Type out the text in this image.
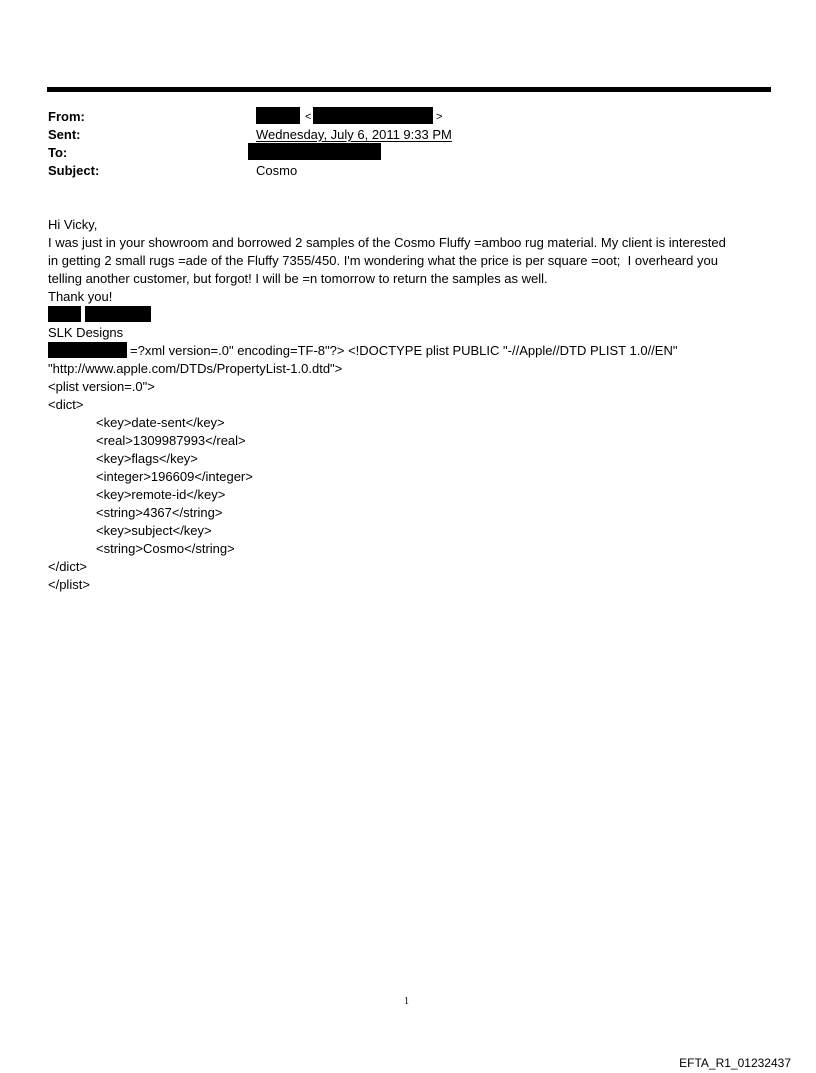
From:
Sent:
To:
Subject:
<	>
Wednesday, July 6, 2011 9:33 PM
Cosmo
Hi Vicky,
I was just in your showroom and borrowed 2 samples of the Cosmo Fluffy =amboo rug material. My client is interested
in getting 2 small rugs =ade of the Fluffy 7355/450. I'm wondering what the price is per square =oot;  I overheard you
telling another customer, but forgot! I will be =n tomorrow to return the samples as well.
Thank you!
SLK Designs
=?xml version=.0" encoding=TF-8"?> <!DOCTYPE plist PUBLIC "-//Apple//DTD PLIST 1.0//EN"
"http://www.apple.com/DTDs/PropertyList-1.0.dtd">
<plist version=.0">
<dict>
<key>date-sent</key>
<real>1309987993</real>
<key>flags</key>
<integer>196609</integer>
<key>remote-id</key>
<string>4367</string>
<key>subject</key>
<string>Cosmo</string>
</dict>
</plist>
1
EFTA_R1_01232437
